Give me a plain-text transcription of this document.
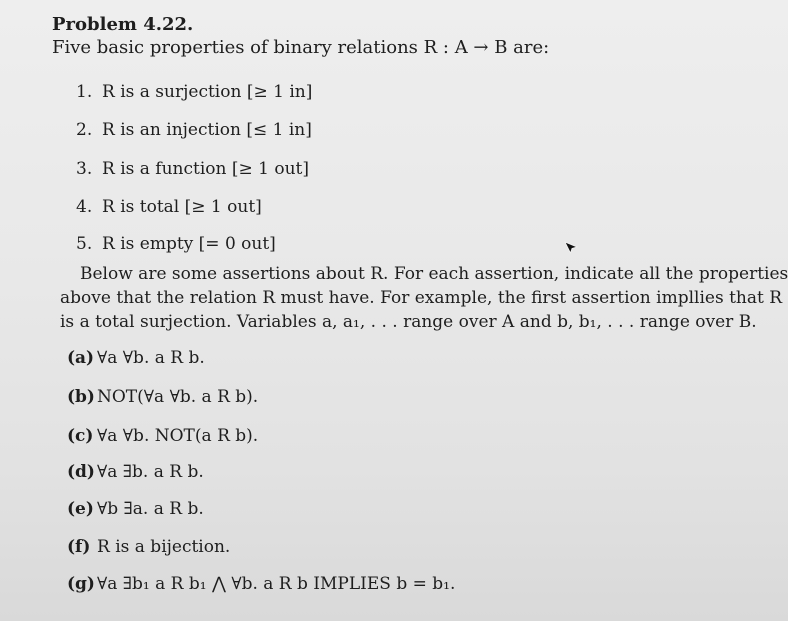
Problem 4.22.
Five basic properties of binary relations R : A → B are:
1. R is a surjection [≥ 1 in]
2. R is an injection [≤ 1 in]
3. R is a function [≥ 1 out]
4. R is total [≥ 1 out]
5. R is empty [= 0 out]
Below are some assertions about R. For each assertion, indicate all the properties
above that the relation R must have. For example, the first assertion impllies that R
is a total surjection. Variables a, a₁, . . . range over A and b, b₁, . . . range over B.
(a) ∀a ∀b. a R b.
(b) NOT(∀a ∀b. a R b).
(c) ∀a ∀b. NOT(a R b).
(d) ∀a ∃b. a R b.
(e) ∀b ∃a. a R b.
(f) R is a bijection.
(g) ∀a ∃b₁ a R b₁ ⋀ ∀b. a R b IMPLIES b = b₁.
